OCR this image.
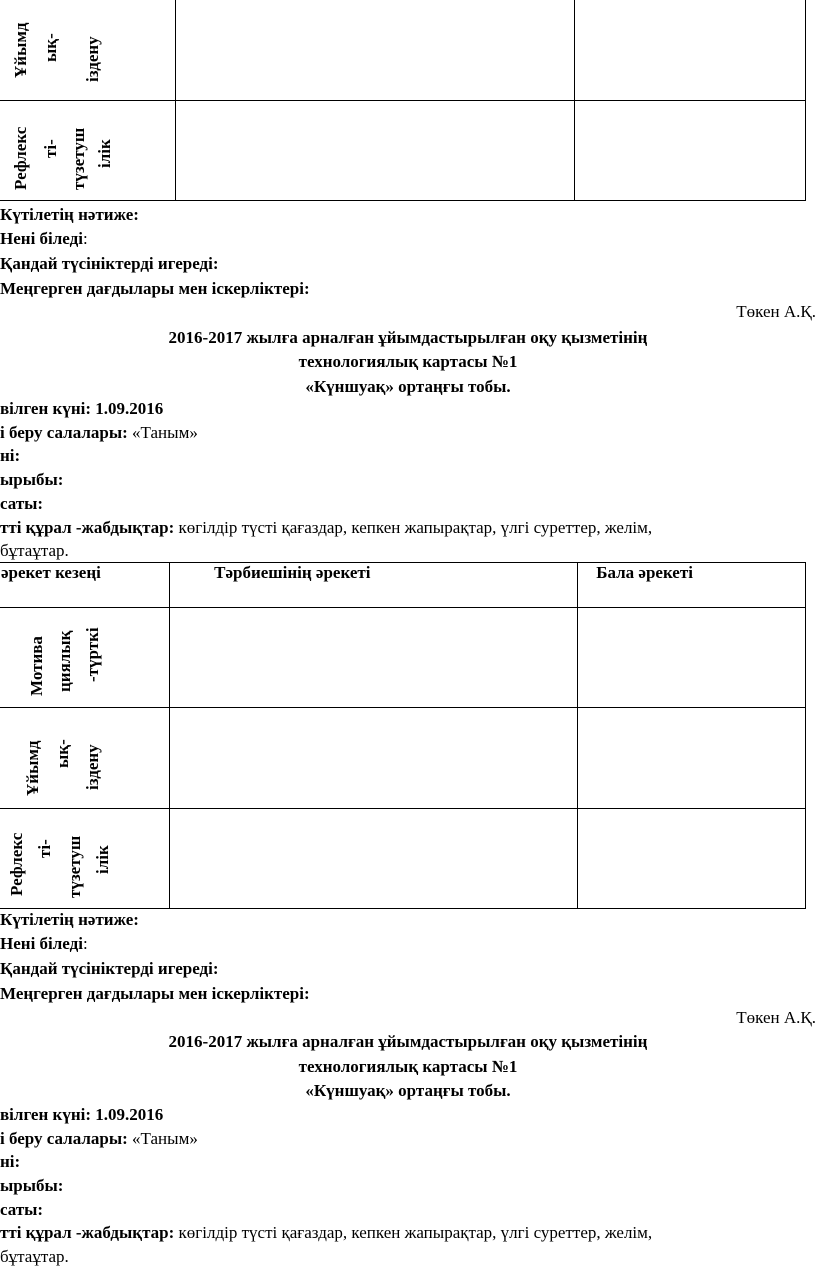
Ұйымд ық- іздену
Рефлекс ті- түзетуш ілік
Күтілетің нәтиже:
Нені біледі:
Қандай түсініктерді игереді:
Меңгерген дағдылары мен іскерліктері:
Төкен А.Қ.
2016-2017 жылға арналған ұйымдастырылған оқу қызметінің
технологиялық картасы №1
«Күншуақ» ортаңғы тобы.
вілген күні: 1.09.2016
і беру салалары: «Таным»
ні:
ырыбы:
саты:
тті құрал -жабдықтар: көгілдір түсті қағаздар, кепкен жапырақтар, үлгі суреттер, желім,
бұтаұтар.
әрекет кезеңі	Тәрбиешінің әрекеті	Бала әрекеті

Мотива циялық -түрткі
Ұйымд ық- іздену
Рефлекс ті- түзетуш ілік
Күтілетің нәтиже:
Нені біледі:
Қандай түсініктерді игереді:
Меңгерген дағдылары мен іскерліктері:
Төкен А.Қ.
2016-2017 жылға арналған ұйымдастырылған оқу қызметінің
технологиялық картасы №1
«Күншуақ» ортаңғы тобы.
вілген күні: 1.09.2016
і беру салалары: «Таным»
ні:
ырыбы:
саты:
тті құрал -жабдықтар: көгілдір түсті қағаздар, кепкен жапырақтар, үлгі суреттер, желім,
бұтаұтар.
